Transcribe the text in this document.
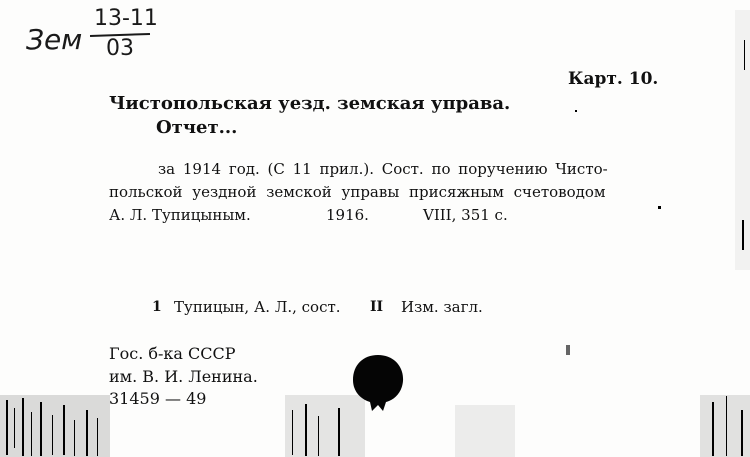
Зем
13-11
03
Карт. 10.
Чистопольская уезд. земская управа.
Отчет...
за 1914 год. (С 11 прил.). Сост. по поручению Чисто-
польской уездной земской управы присяжным счетоводом
А. Л. Тупицыным.	1916.	VIII, 351 с.
1 Тупицын, А. Л., сост. II Изм. загл.
Гос. б-ка СССР
им. В. И. Ленина.
31459 — 49
